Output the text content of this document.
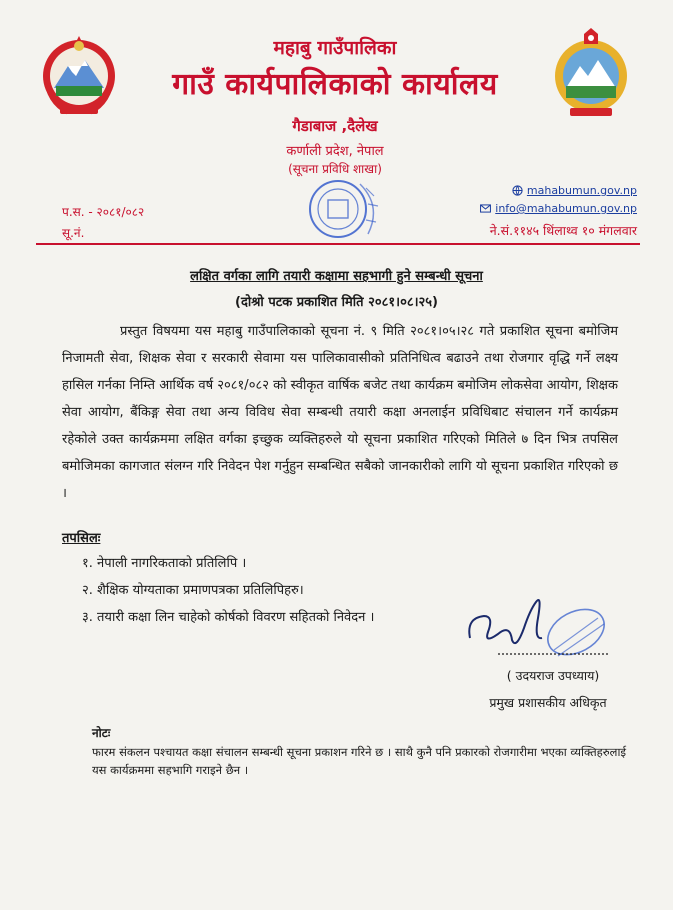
महाबु गाउँपालिका
गाउँ कार्यपालिकाको कार्यालय
गैडाबाज ,दैलेख
कर्णाली प्रदेश, नेपाल
(सूचना प्रविधि शाखा)
प.स. - २०८१/०८२
सू.नं.
mahabumun.gov.np
info@mahabumun.gov.np
ने.सं.११४५ थिंलाथ्व १० मंगलवार
लक्षित वर्गका लागि तयारी कक्षामा सहभागी हुने सम्बन्धी सूचना
(दोश्रो पटक प्रकाशित मिति २०८१।०८।२५)
प्रस्तुत विषयमा यस महाबु गाउँपालिकाको सूचना नं. ९ मिति २०८१।०५।२८ गते प्रकाशित सूचना बमोजिम निजामती सेवा, शिक्षक सेवा र सरकारी सेवामा यस पालिकावासीको प्रतिनिधित्व बढाउने तथा रोजगार वृद्धि गर्ने लक्ष्य हासिल गर्नका निम्ति आर्थिक वर्ष २०८१/०८२ को स्वीकृत वार्षिक बजेट तथा कार्यक्रम बमोजिम लोकसेवा आयोग, शिक्षक सेवा आयोग, बैंकिङ्ग सेवा तथा अन्य विविध सेवा सम्बन्धी तयारी कक्षा अनलाईन प्रविधिबाट संचालन गर्ने कार्यक्रम रहेकोले उक्त कार्यक्रममा लक्षित वर्गका इच्छुक व्यक्तिहरुले यो सूचना प्रकाशित गरिएको मितिले ७ दिन भित्र तपसिल बमोजिमका कागजात संलग्न गरि निवेदन पेश गर्नुहुन सम्बन्धित सबैको जानकारीको लागि यो सूचना प्रकाशित गरिएको छ ।
तपसिलः
१. नेपाली नागरिकताको प्रतिलिपि ।
२. शैक्षिक योग्यताका प्रमाणपत्रका प्रतिलिपिहरु।
३. तयारी कक्षा लिन चाहेको कोर्षको विवरण सहितको निवेदन ।
( उदयराज उपध्याय)
प्रमुख प्रशासकीय अधिकृत
नोटः
फारम संकलन पश्चायत कक्षा संचालन सम्बन्धी सूचना प्रकाशन गरिने छ । साथै कुनै पनि प्रकारको रोजगारीमा भएका व्यक्तिहरुलाई यस कार्यक्रममा सहभागि गराइने छैन ।
